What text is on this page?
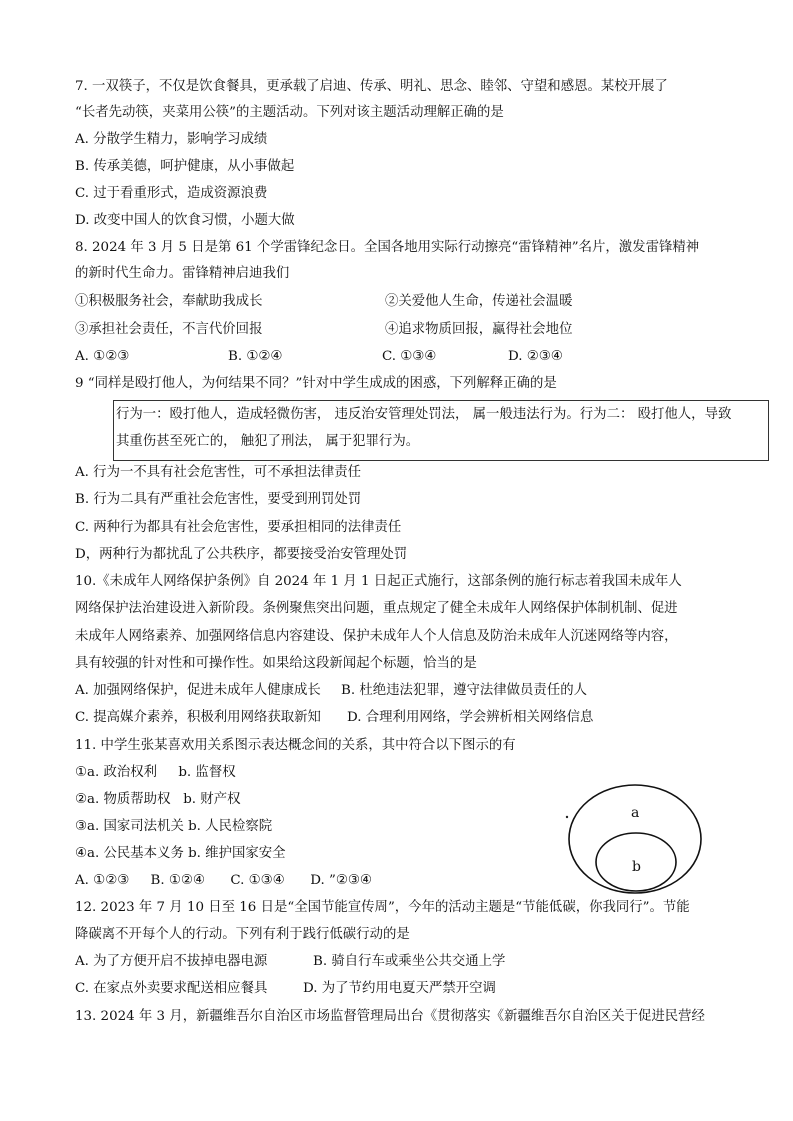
7. 一双筷子，不仅是饮食餐具，更承载了启迪、传承、明礼、思念、睦邻、守望和感恩。某校开展了
“长者先动筷，夹菜用公筷”的主题活动。下列对该主题活动理解正确的是
A. 分散学生精力，影响学习成绩
B. 传承美德，呵护健康，从小事做起
C. 过于看重形式，造成资源浪费
D. 改变中国人的饮食习惯，小题大做
8. 2024 年 3 月 5 日是第 61 个学雷锋纪念日。全国各地用实际行动擦亮“雷锋精神”名片，激发雷锋精神
的新时代生命力。雷锋精神启迪我们
①积极服务社会，奉献助我成长	②关爱他人生命，传递社会温暖
③承担社会责任，不言代价回报	④追求物质回报，赢得社会地位
A. ①②③	B. ①②④	C. ①③④	D. ②③④
9 “同样是殴打他人，为何结果不同？”针对中学生成成的困惑，下列解释正确的是
行为一：殴打他人，造成轻微伤害， 违反治安管理处罚法， 属一般违法行为。行为二： 殴打他人，导致
其重伤甚至死亡的， 触犯了刑法， 属于犯罪行为。
A. 行为一不具有社会危害性，可不承担法律责任
B. 行为二具有严重社会危害性，要受到刑罚处罚
C. 两种行为都具有社会危害性，要承担相同的法律责任
D，两种行为都扰乱了公共秩序，都要接受治安管理处罚
10.《未成年人网络保护条例》自 2024 年 1 月 1 日起正式施行，这部条例的施行标志着我国未成年人
网络保护法治建设进入新阶段。条例聚焦突出问题，重点规定了健全未成年人网络保护体制机制、促进
未成年人网络素养、加强网络信息内容建设、保护未成年人个人信息及防治未成年人沉迷网络等内容，
具有较强的针对性和可操作性。如果给这段新闻起个标题，恰当的是
A. 加强网络保护，促进未成年人健康成长 B. 杜绝违法犯罪，遵守法律做员责任的人
C. 提高媒介素养，积极利用网络获取新知 D. 合理利用网络，学会辨析相关网络信息
11. 中学生张某喜欢用关系图示表达概念间的关系，其中符合以下图示的有
①a. 政治权利     b. 监督权
②a. 物质帮助权   b. 财产权
③a. 国家司法机关 b. 人民检察院
④a. 公民基本义务 b. 维护国家安全
A. ①②③     B. ①②④      C. ①③④      D. ”②③④
a
b
12. 2023 年 7 月 10 日至 16 日是“全国节能宣传周”，今年的活动主题是“节能低碳，你我同行”。节能
降碳离不开每个人的行动。下列有利于践行低碳行动的是
A. 为了方便开启不拔掉电器电源	B. 骑自行车或乘坐公共交通上学
C. 在家点外卖要求配送相应餐具	D. 为了节约用电夏天严禁开空调
13. 2024 年 3 月，新疆维吾尔自治区市场监督管理局出台《贯彻落实《新疆维吾尔自治区关于促进民营经
